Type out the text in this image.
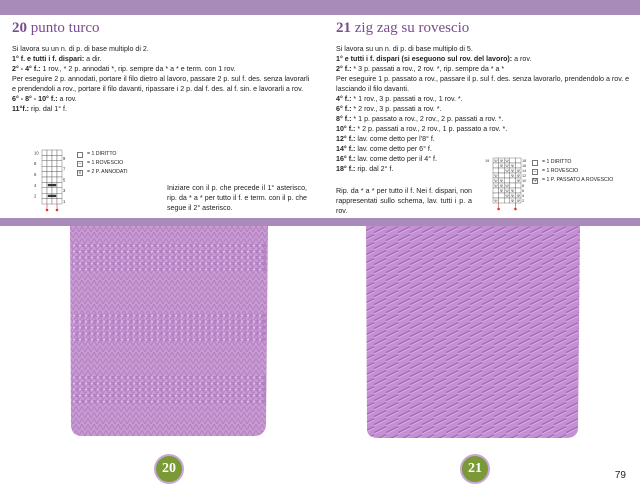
20 punto turco

Si lavora su un n. di p. di base multiplo di 2.

1° f. e tutti i f. dispari: a dir.

2° - 4° f.: 1 rov., * 2 p. annodati *, rip. sempre da * a * e term. con 1 rov.

Per eseguire 2 p. annodati, portare il filo dietro al lavoro, passare 2 p. sul f. des. senza lavorarli e prendendoli a rov., portare il filo davanti, ripassare i 2 p. dal f. des. al f. sin. e lavorarli a rov.

6° - 8° - 10° f.: a rov.

11°f.: rip. dal 1° f.

10
9
8
7
6
5
4
3
2
1
= 1 DIRITTO
–	= 1 ROVESCIO
≡ = 2 P. ANNODATI
Iniziare con il p. che precede il 1° asterisco, rip. da * a * per tutto il f. e term. con il p. che segue il 2° asterisco.
21 zig zag su rovescio

Si lavora su un n. di p. di base multiplo di 5.

1° e tutti i f. dispari (si eseguono sul rov. del lavoro): a rov.

2° f.: * 3 p. passati a rov., 2 rov. *, rip. sempre da * a *

Per eseguire 1 p. passato a rov., passare il p. sul f. des. senza lavorarlo, prendendolo a rov. e lasciando il filo davanti.

4° f.: * 1 rov., 3 p. passati a rov., 1 rov. *.

6° f.: * 2 rov., 3 p. passati a rov. *.

8° f.: * 1 p. passato a rov., 2 rov., 2 p. passati a rov. *.

10° f.: * 2 p. passati a rov., 2 rov., 1 p. passato a rov. *.

12° f.: lav. come detto per l'8° f.

14° f.: lav. come detto per 6° f.

16° f.: lav. come detto per il 4° f.

18° f.: rip. dal 2° f.

Ψ Ψ Ψ	18
Ψ Ψ Ψ 16
Ψ Ψ Ψ 14
Ψ	Ψ Ψ 12
Ψ Ψ	Ψ 10
Ψ Ψ Ψ	8
Ψ Ψ Ψ 6
Ψ Ψ Ψ 4
Ψ	Ψ Ψ 2
19	= 1 DIRITTO
–	= 1 ROVESCIO
Ψ = 1 P. PASSATO A ROVESCIO
Rip. da * a * per tutto il f. Nei f. dispari, non rappresentati sullo schema, lav. tutti i p. a rov.
20	21	79
